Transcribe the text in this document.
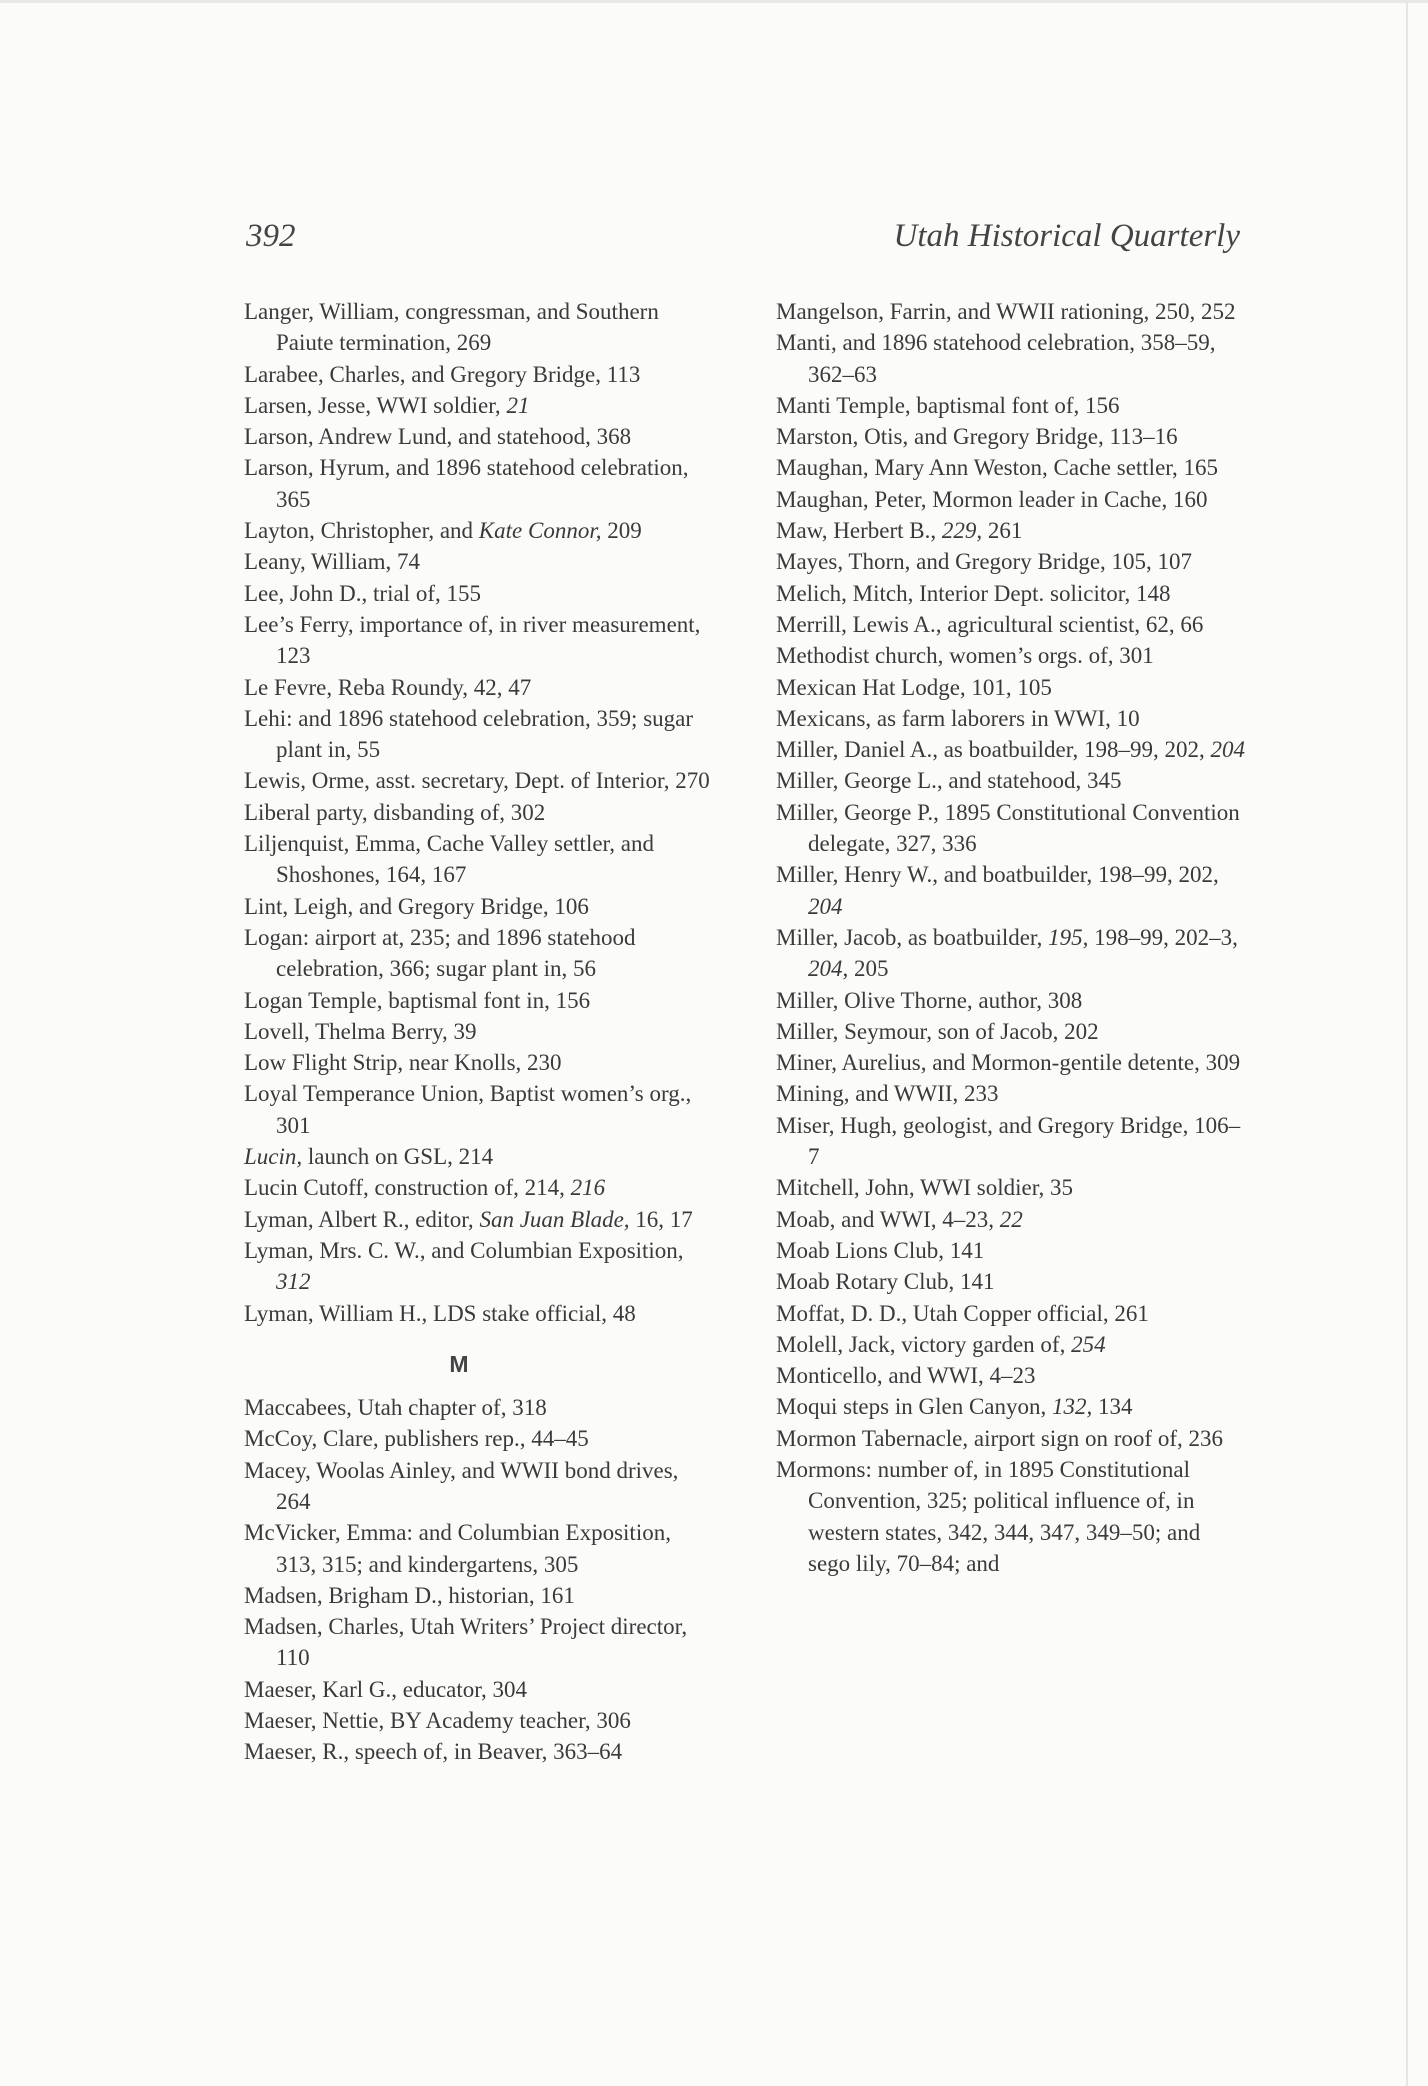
392	Utah Historical Quarterly

Langer, William, congressman, and Southern Paiute termination, 269

Larabee, Charles, and Gregory Bridge, 113

Larsen, Jesse, WWI soldier, 21

Larson, Andrew Lund, and statehood, 368

Larson, Hyrum, and 1896 statehood celebration, 365

Layton, Christopher, and Kate Connor, 209

Leany, William, 74

Lee, John D., trial of, 155

Lee’s Ferry, importance of, in river measurement, 123

Le Fevre, Reba Roundy, 42, 47

Lehi: and 1896 statehood celebration, 359; sugar plant in, 55

Lewis, Orme, asst. secretary, Dept. of Interior, 270

Liberal party, disbanding of, 302

Liljenquist, Emma, Cache Valley settler, and Shoshones, 164, 167

Lint, Leigh, and Gregory Bridge, 106

Logan: airport at, 235; and 1896 statehood celebration, 366; sugar plant in, 56

Logan Temple, baptismal font in, 156

Lovell, Thelma Berry, 39

Low Flight Strip, near Knolls, 230

Loyal Temperance Union, Baptist women’s org., 301

Lucin, launch on GSL, 214

Lucin Cutoff, construction of, 214, 216

Lyman, Albert R., editor, San Juan Blade, 16, 17

Lyman, Mrs. C. W., and Columbian Exposition, 312

Lyman, William H., LDS stake official, 48

M

Maccabees, Utah chapter of, 318

McCoy, Clare, publishers rep., 44–45

Macey, Woolas Ainley, and WWII bond drives, 264

McVicker, Emma: and Columbian Exposition, 313, 315; and kindergartens, 305

Madsen, Brigham D., historian, 161

Madsen, Charles, Utah Writers’ Project director, 110

Maeser, Karl G., educator, 304

Maeser, Nettie, BY Academy teacher, 306

Maeser, R., speech of, in Beaver, 363–64

Mangelson, Farrin, and WWII rationing, 250, 252

Manti, and 1896 statehood celebration, 358–59, 362–63

Manti Temple, baptismal font of, 156

Marston, Otis, and Gregory Bridge, 113–16

Maughan, Mary Ann Weston, Cache settler, 165

Maughan, Peter, Mormon leader in Cache, 160

Maw, Herbert B., 229, 261

Mayes, Thorn, and Gregory Bridge, 105, 107

Melich, Mitch, Interior Dept. solicitor, 148

Merrill, Lewis A., agricultural scientist, 62, 66

Methodist church, women’s orgs. of, 301

Mexican Hat Lodge, 101, 105

Mexicans, as farm laborers in WWI, 10

Miller, Daniel A., as boatbuilder, 198–99, 202, 204

Miller, George L., and statehood, 345

Miller, George P., 1895 Constitutional Convention delegate, 327, 336

Miller, Henry W., and boatbuilder, 198–99, 202, 204

Miller, Jacob, as boatbuilder, 195, 198–99, 202–3, 204, 205

Miller, Olive Thorne, author, 308

Miller, Seymour, son of Jacob, 202

Miner, Aurelius, and Mormon-gentile detente, 309

Mining, and WWII, 233

Miser, Hugh, geologist, and Gregory Bridge, 106–7

Mitchell, John, WWI soldier, 35

Moab, and WWI, 4–23, 22

Moab Lions Club, 141

Moab Rotary Club, 141

Moffat, D. D., Utah Copper official, 261

Molell, Jack, victory garden of, 254

Monticello, and WWI, 4–23

Moqui steps in Glen Canyon, 132, 134

Mormon Tabernacle, airport sign on roof of, 236

Mormons: number of, in 1895 Constitutional Convention, 325; political influence of, in western states, 342, 344, 347, 349–50; and sego lily, 70–84; and
